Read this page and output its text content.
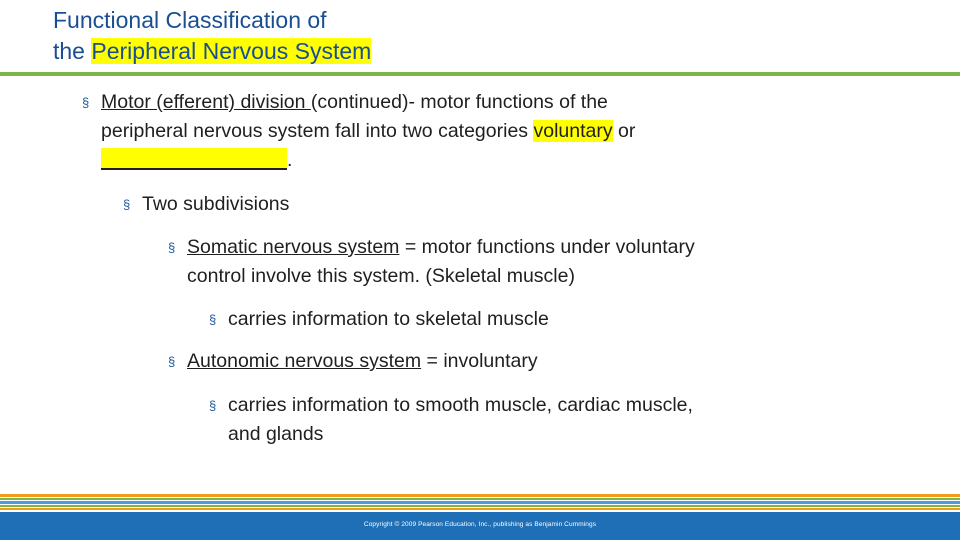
Functional Classification of
the Peripheral Nervous System
§ Motor (efferent) division (continued)- motor functions of the
peripheral nervous system fall into two categories voluntary or
.
§ Two subdivisions
§ Somatic nervous system = motor functions under voluntary
control involve this system. (Skeletal muscle)
§ carries information to skeletal muscle
§ Autonomic nervous system = involuntary
§ carries information to smooth muscle, cardiac muscle,
and glands
Copyright © 2009 Pearson Education, Inc., publishing as Benjamin Cummings
